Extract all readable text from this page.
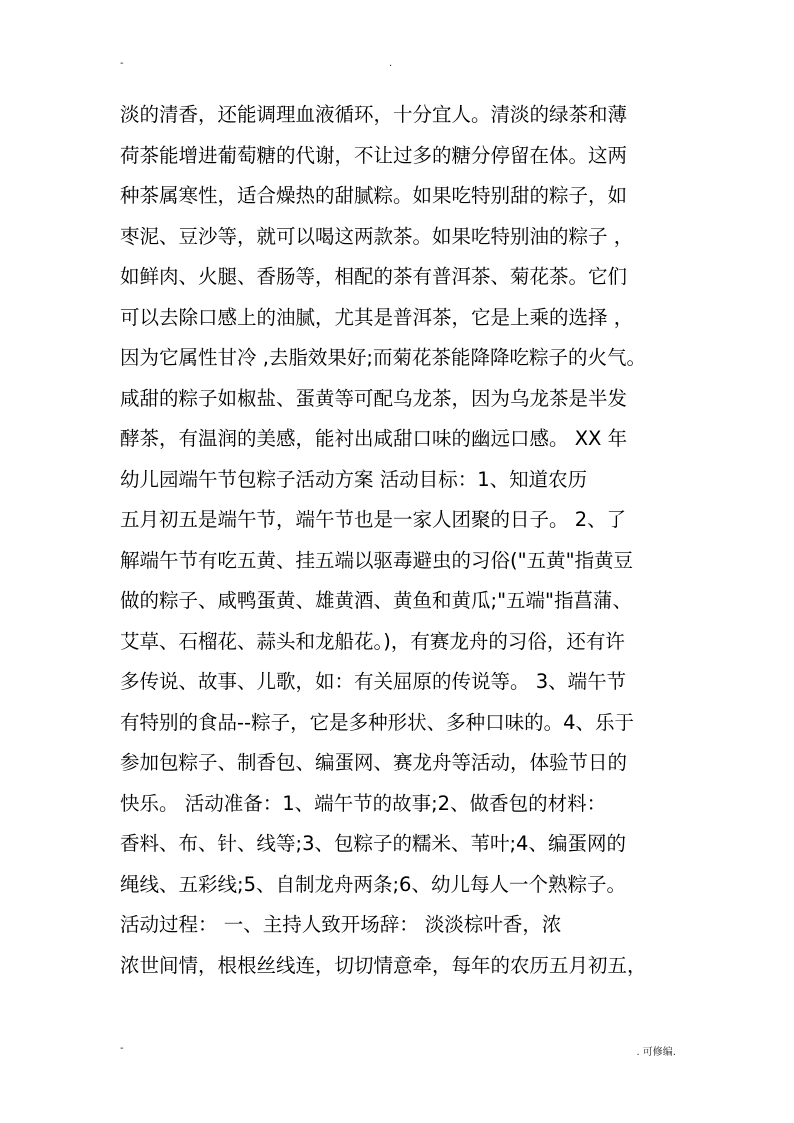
-	.
淡的清香，还能调理血液循环，十分宜人。清淡的绿茶和薄
荷茶能增进葡萄糖的代谢，不让过多的糖分停留在体。这两
种茶属寒性，适合燥热的甜腻粽。如果吃特别甜的粽子，如
枣泥、豆沙等，就可以喝这两款茶。如果吃特别油的粽子 ，
如鲜肉、火腿、香肠等，相配的茶有普洱茶、菊花茶。它们
可以去除口感上的油腻，尤其是普洱茶，它是上乘的选择 ，
因为它属性甘冷 ,去脂效果好;而菊花茶能降降吃粽子的火气。
咸甜的粽子如椒盐、蛋黄等可配乌龙茶，因为乌龙茶是半发
酵茶，有温润的美感，能衬出咸甜口味的幽远口感。 XX 年
幼儿园端午节包粽子活动方案 活动目标：1、知道农历
五月初五是端午节，端午节也是一家人团聚的日子。 2、了
解端午节有吃五黄、挂五端以驱毒避虫的习俗("五黄"指黄豆
做的粽子、咸鸭蛋黄、雄黄酒、黄鱼和黄瓜;"五端"指菖蒲、
艾草、石榴花、蒜头和龙船花。)，有赛龙舟的习俗，还有许
多传说、故事、儿歌，如：有关屈原的传说等。 3、端午节
有特别的食品--粽子，它是多种形状、多种口味的。4、乐于
参加包粽子、制香包、编蛋网、赛龙舟等活动，体验节日的
快乐。 活动准备：1、端午节的故事;2、做香包的材料：
香料、布、针、线等;3、包粽子的糯米、苇叶;4、编蛋网的
绳线、五彩线;5、自制龙舟两条;6、幼儿每人一个熟粽子。
活动过程： 一、主持人致开场辞： 淡淡棕叶香，浓
浓世间情，根根丝线连，切切情意牵，每年的农历五月初五，
-	. 可修编.
